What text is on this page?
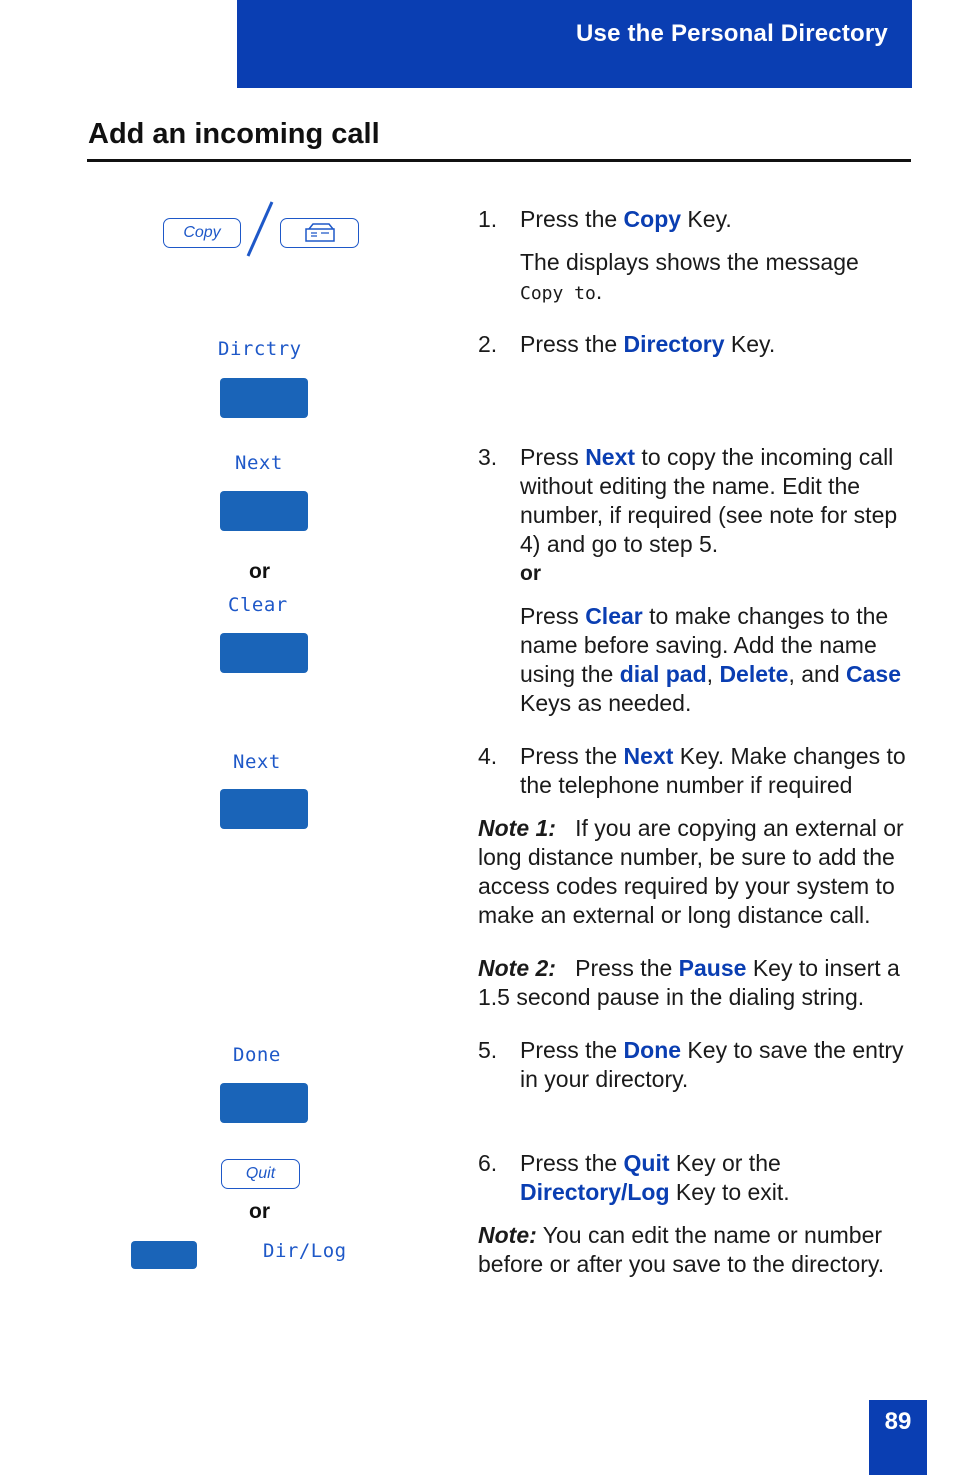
Use the Personal Directory
Add an incoming call
Copy
Dirctry
Next
or
Clear
Next
Done
Quit
or
Dir/Log
1. Press the Copy Key.
The displays shows the message
Copy to.
2. Press the Directory Key.
3. Press Next to copy the incoming call without editing the name. Edit the number, if required (see note for step 4) and go to step 5.
or
Press Clear to make changes to the name before saving. Add the name using the dial pad, Delete, and Case Keys as needed.
4. Press the Next Key. Make changes to the telephone number if required
Note 1: If you are copying an external or long distance number, be sure to add the access codes required by your system to make an external or long distance call.
Note 2: Press the Pause Key to insert a 1.5 second pause in the dialing string.
5. Press the Done Key to save the entry in your directory.
6. Press the Quit Key or the Directory/Log Key to exit.
Note: You can edit the name or number before or after you save to the directory.
89
